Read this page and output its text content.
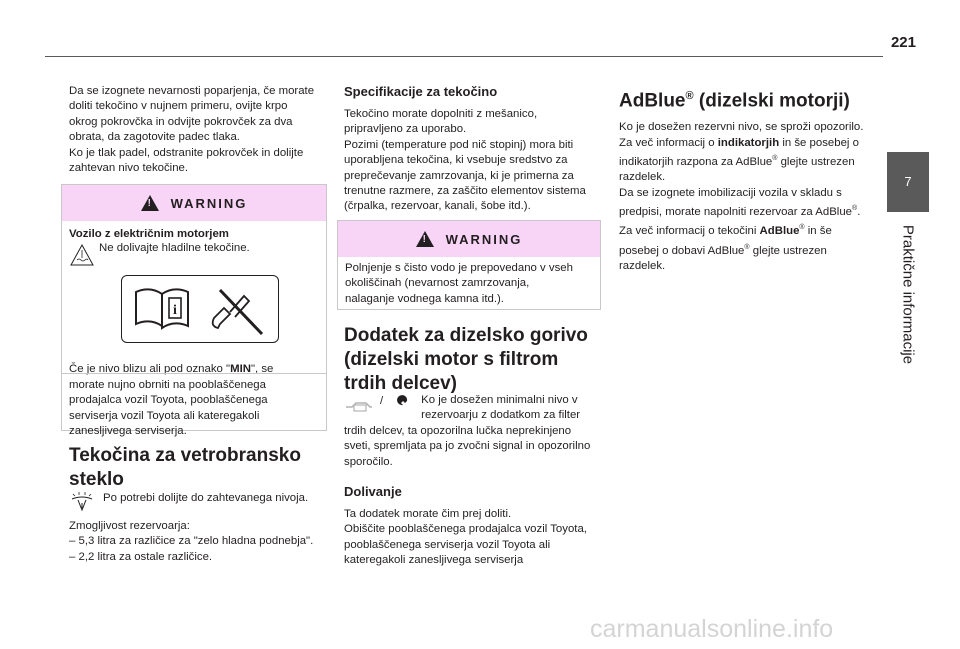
221
7
Praktične informacije

Da se izognete nevarnosti poparjenja, če morate

doliti tekočino v nujnem primeru, ovijte krpo

okrog pokrovčka in odvijte pokrovček za dva

obrata, da zagotovite padec tlaka.

Ko je tlak padel, odstranite pokrovček in dolijte

zahtevan nivo tekočine.

!
WARNING

Vozilo z električnim motorjem

Ne dolivajte hladilne tekočine.

i

Če je nivo blizu ali pod oznako "MIN", se

morate nujno obrniti na pooblaščenega

prodajalca vozil Toyota, pooblaščenega

serviserja vozil Toyota ali kateregakoli

zanesljivega serviserja.

Tekočina za vetrobransko
steklo

Po potrebi dolijte do zahtevanega nivoja.

Zmogljivost rezervoarja:

– 5,3 litra za različice za "zelo hladna podnebja".

– 2,2 litra za ostale različice.

Specifikacije za tekočino

Tekočino morate dopolniti z mešanico,

pripravljeno za uporabo.

Pozimi (temperature pod nič stopinj) mora biti

uporabljena tekočina, ki vsebuje sredstvo za

preprečevanje zamrzovanja, ki je primerna za

trenutne razmere, za zaščito elementov sistema

(črpalka, rezervoar, kanali, šobe itd.).

!
WARNING

Polnjenje s čisto vodo je prepovedano v vseh

okoliščinah (nevarnost zamrzovanja,

nalaganje vodnega kamna itd.).

Dodatek za dizelsko gorivo
(dizelski motor s filtrom
trdih delcev)
/	Ko je dosežen minimalni nivo v

rezervoarju z dodatkom za filter

trdih delcev, ta opozorilna lučka neprekinjeno

sveti, spremljata pa jo zvočni signal in opozorilno

sporočilo.

Dolivanje

Ta dodatek morate čim prej doliti.

Obiščite pooblaščenega prodajalca vozil Toyota,

pooblaščenega serviserja vozil Toyota ali

kateregakoli zanesljivega serviserja

AdBlue® (dizelski motorji)

Ko je dosežen rezervni nivo, se sproži opozorilo.

Za več informacij o indikatorjih in še posebej o

indikatorjih razpona za AdBlue® glejte ustrezen

razdelek.

Da se izognete imobilizaciji vozila v skladu s

predpisi, morate napolniti rezervoar za AdBlue®.

Za več informacij o tekočini AdBlue® in še

posebej o dobavi AdBlue® glejte ustrezen

razdelek.

carmanualsonline.info
